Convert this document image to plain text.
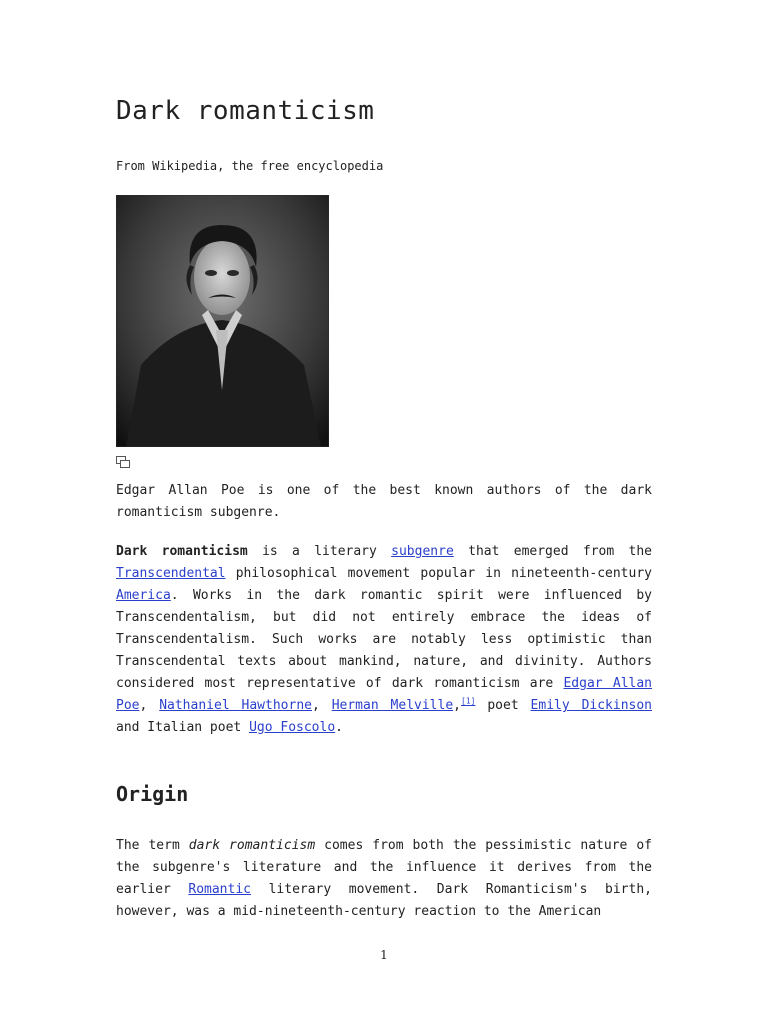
Dark romanticism
From Wikipedia, the free encyclopedia

Edgar Allan Poe is one of the best known authors of the dark romanticism subgenre.

Dark romanticism is a literary subgenre that emerged from the Transcendental philosophical movement popular in nineteenth-century America. Works in the dark romantic spirit were influenced by Transcendentalism, but did not entirely embrace the ideas of Transcendentalism. Such works are notably less optimistic than Transcendental texts about mankind, nature, and divinity. Authors considered most representative of dark romanticism are Edgar Allan Poe, Nathaniel Hawthorne, Herman Melville,[1] poet Emily Dickinson and Italian poet Ugo Foscolo.

Origin

The term dark romanticism comes from both the pessimistic nature of the subgenre's literature and the influence it derives from the earlier Romantic literary movement. Dark Romanticism's birth, however, was a mid-nineteenth-century reaction to the American

1
